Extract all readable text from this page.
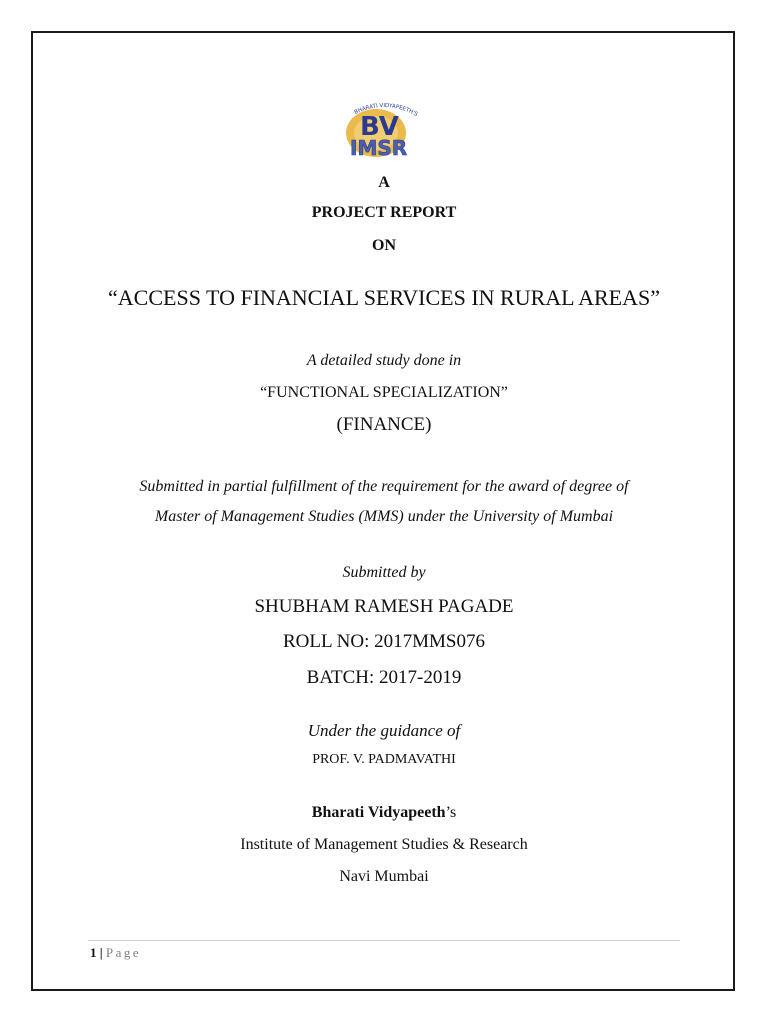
BHARATI VIDYAPEETH'S
BV
IMSR
A
PROJECT REPORT
ON
“ACCESS TO FINANCIAL SERVICES IN RURAL AREAS”
A detailed study done in
“FUNCTIONAL SPECIALIZATION”
(FINANCE)
Submitted in partial fulfillment of the requirement for the award of degree of
Master of Management Studies (MMS) under the University of Mumbai
Submitted by
SHUBHAM RAMESH PAGADE
ROLL NO: 2017MMS076
BATCH: 2017-2019
Under the guidance of
PROF. V. PADMAVATHI
Bharati Vidyapeeth’s
Institute of Management Studies & Research
Navi Mumbai
1 | Page
